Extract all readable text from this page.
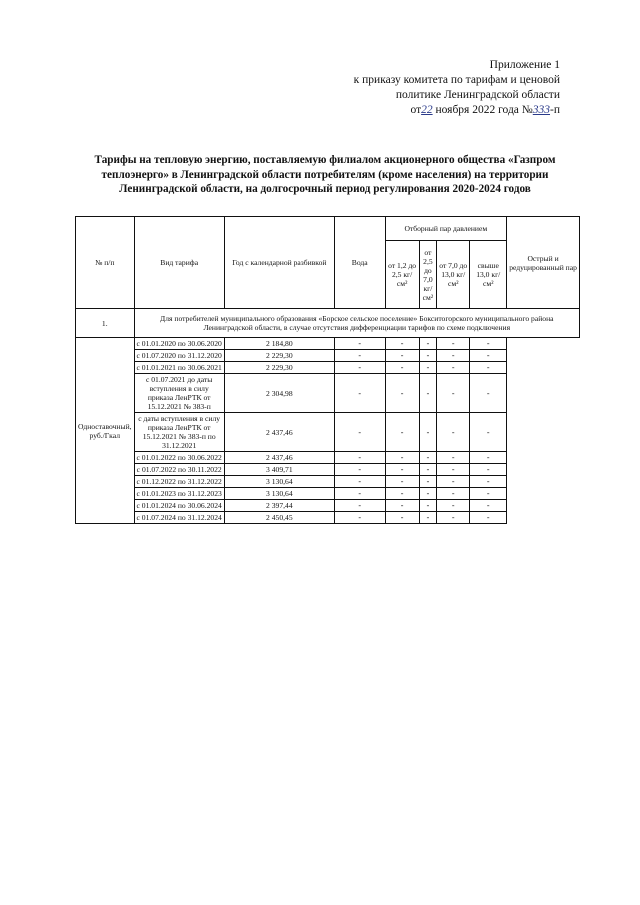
Приложение 1
к приказу комитета по тарифам и ценовой
политике Ленинградской области
от22 ноября 2022 года №333-п
Тарифы на тепловую энергию, поставляемую филиалом акционерного общества «Газпром
теплоэнерго» в Ленинградской области потребителям (кроме населения) на территории
Ленинградской области, на долгосрочный период регулирования 2020-2024 годов
№ п/п	Вид тарифа	Год с календарной разбивкой	Вода	Отборный пар давлением				Острый и редуцированный пар
				от 1,2 до 2,5 кг/см²	от 2,5 до 7,0 кг/см²	от 7,0 до 13,0 кг/см²	свыше 13,0 кг/см²	
1.	Для потребителей муниципального образования «Борское сельское поселение» Бокситогорского муниципального района Ленинградской области, в случае отсутствия дифференциации тарифов по схеме подключения							
Одноставочный, руб./Гкал	с 01.01.2020 по 30.06.2020	2 184,80	-	-	-	-	-	
	с 01.07.2020 по 31.12.2020	2 229,30	-	-	-	-	-	
	с 01.01.2021 по 30.06.2021	2 229,30	-	-	-	-	-	
	с 01.07.2021 до даты вступления в силу приказа ЛенРТК от 15.12.2021 № 383-п	2 304,98	-	-	-	-	-	
	с даты вступления в силу приказа ЛенРТК от 15.12.2021 № 383-п по 31.12.2021	2 437,46	-	-	-	-	-	
	с 01.01.2022 по 30.06.2022	2 437,46	-	-	-	-	-	
	с 01.07.2022 по 30.11.2022	3 409,71	-	-	-	-	-	
	с 01.12.2022 по 31.12.2022	3 130,64	-	-	-	-	-	
	с 01.01.2023 по 31.12.2023	3 130,64	-	-	-	-	-	
	с 01.01.2024 по 30.06.2024	2 397,44	-	-	-	-	-	
	с 01.07.2024 по 31.12.2024	2 450,45	-	-	-	-	-	
